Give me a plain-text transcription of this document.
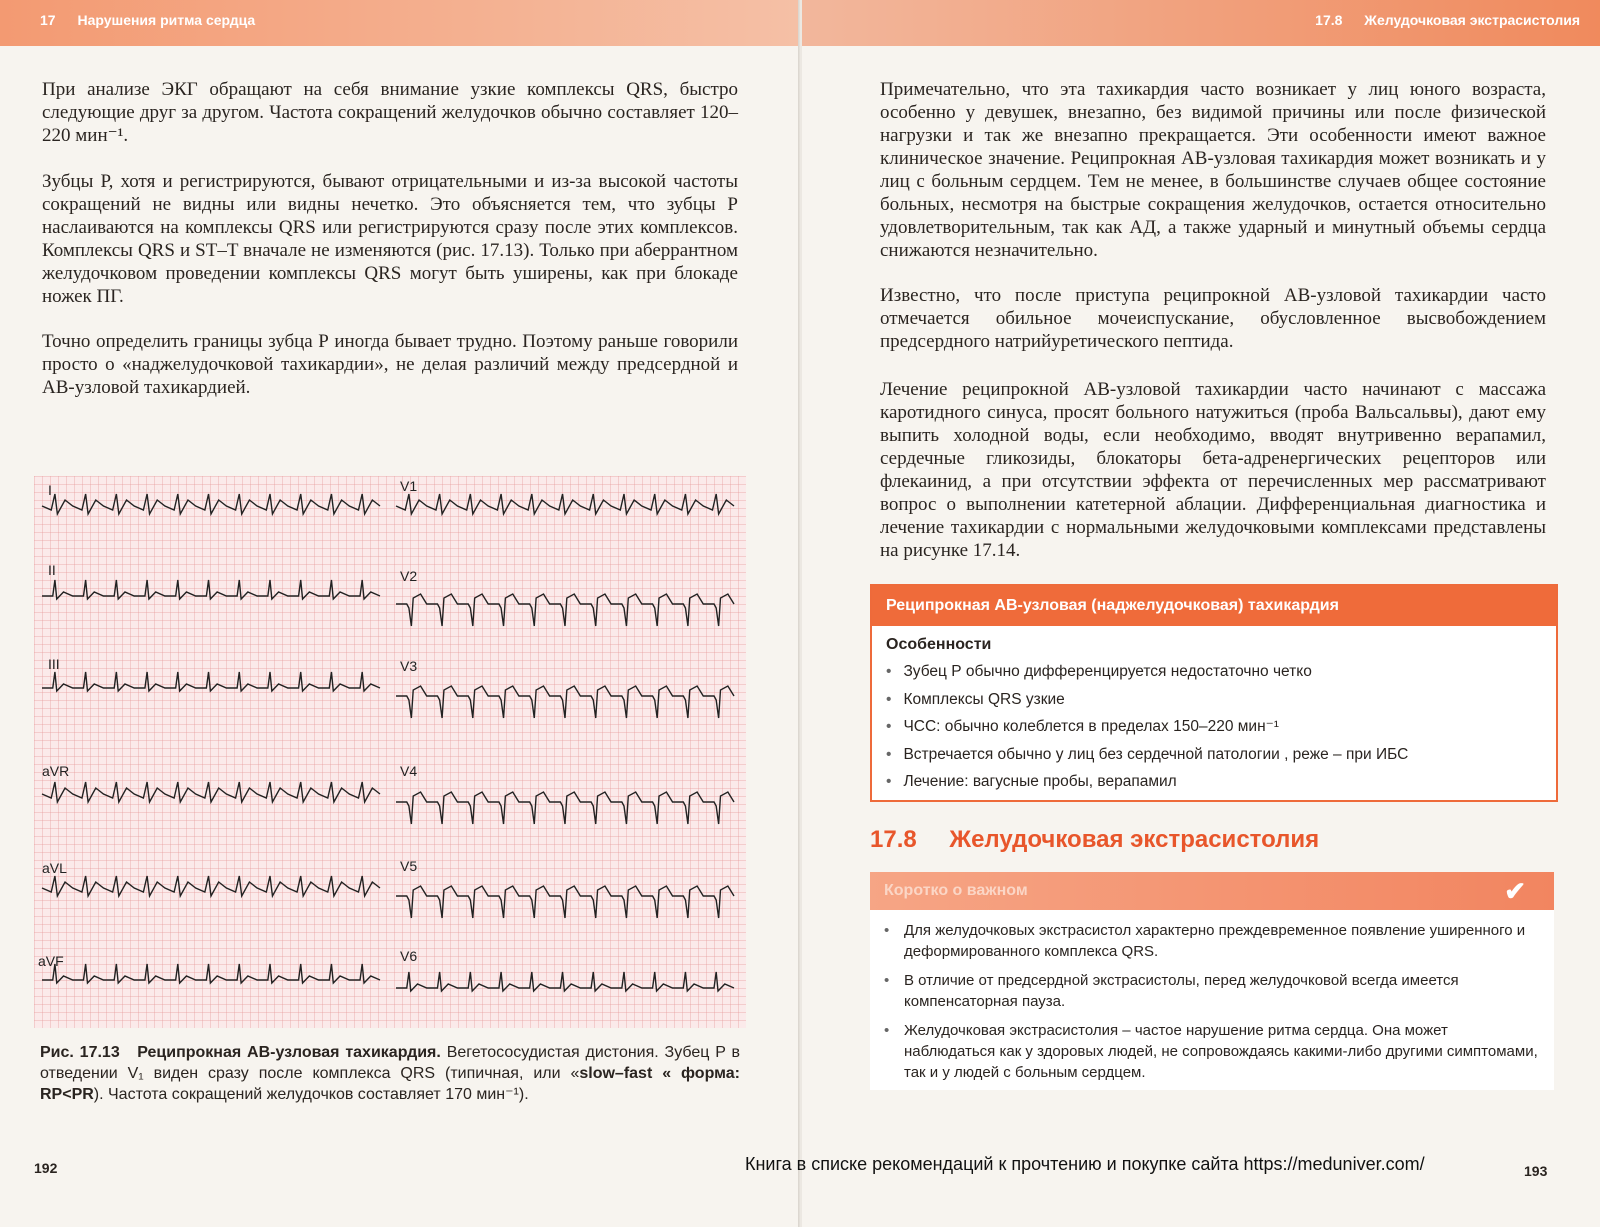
17 Нарушения ритма сердца

При анализе ЭКГ обращают на себя внимание узкие комплексы QRS, быстро следующие друг за другом. Частота сокращений желудочков обычно составляет 120–220 мин⁻¹.

Зубцы Р, хотя и регистрируются, бывают отрицательными и из-за высокой частоты сокращений не видны или видны нечетко. Это объясняется тем, что зубцы Р наслаиваются на комплексы QRS или регистрируются сразу после этих комплексов. Комплексы QRS и ST–T вначале не изменяются (рис. 17.13). Только при аберрантном желудочковом проведении комплексы QRS могут быть уширены, как при блокаде ножек ПГ.

Точно определить границы зубца Р иногда бывает трудно. Поэтому раньше говорили просто о «наджелудочковой тахикардии», не делая различий между предсердной и АВ-узловой тахикардией.

I
II
III
aVR
aVL
aVF
V1
V2
V3
V4
V5
V6
Рис. 17.13 Реципрокная АВ-узловая тахикардия. Вегетососудистая дистония. Зубец P в отведении V₁ виден сразу после комплекса QRS (типичная, или «slow–fast « форма: RP<PR). Частота сокращений желудочков составляет 170 мин⁻¹).
192
17.8 Желудочковая экстрасистолия

Примечательно, что эта тахикардия часто возникает у лиц юного возраста, особенно у девушек, внезапно, без видимой причины или после физической нагрузки и так же внезапно прекращается. Эти особенности имеют важное клиническое значение. Реципрокная АВ-узловая тахикардия может возникать и у лиц с больным сердцем. Тем не менее, в большинстве случаев общее состояние больных, несмотря на быстрые сокращения желудочков, остается относительно удовлетворительным, так как АД, а также ударный и минутный объемы сердца снижаются незначительно.

Известно, что после приступа реципрокной АВ-узловой тахикардии часто отмечается обильное мочеиспускание, обусловленное высвобождением предсердного натрийуретического пептида.

Лечение реципрокной АВ-узловой тахикардии часто начинают с массажа каротидного синуса, просят больного натужиться (проба Вальсальвы), дают ему выпить холодной воды, если необходимо, вводят внутривенно верапамил, сердечные гликозиды, блокаторы бета-адренергических рецепторов или флекаинид, а при отсутствии эффекта от перечисленных мер рассматривают вопрос о выполнении катетерной аблации. Дифференциальная диагностика и лечение тахикардии с нормальными желудочковыми комплексами представлены на рисунке 17.14.

Реципрокная АВ-узловая (наджелудочковая) тахикардия
Особенности
• Зубец Р обычно дифференцируется недостаточно четко
• Комплексы QRS узкие
• ЧСС: обычно колеблется в пределах 150–220 мин⁻¹
• Встречается обычно у лиц без сердечной патологии , реже – при ИБС
• Лечение: вагусные пробы, верапамил
17.8 Желудочковая экстрасистолия
Коротко о важном	✔
• Для желудочковых экстрасистол характерно преждевременное появление уширенного и деформированного комплекса QRS.
• В отличие от предсердной экстрасистолы, перед желудочковой всегда имеется компенсаторная пауза.
• Желудочковая экстрасистолия – частое нарушение ритма сердца. Она может наблюдаться как у здоровых людей, не сопровождаясь какими-либо другими симптомами, так и у людей с больным сердцем.
193
Книга в списке рекомендаций к прочтению и покупке сайта https://meduniver.com/
